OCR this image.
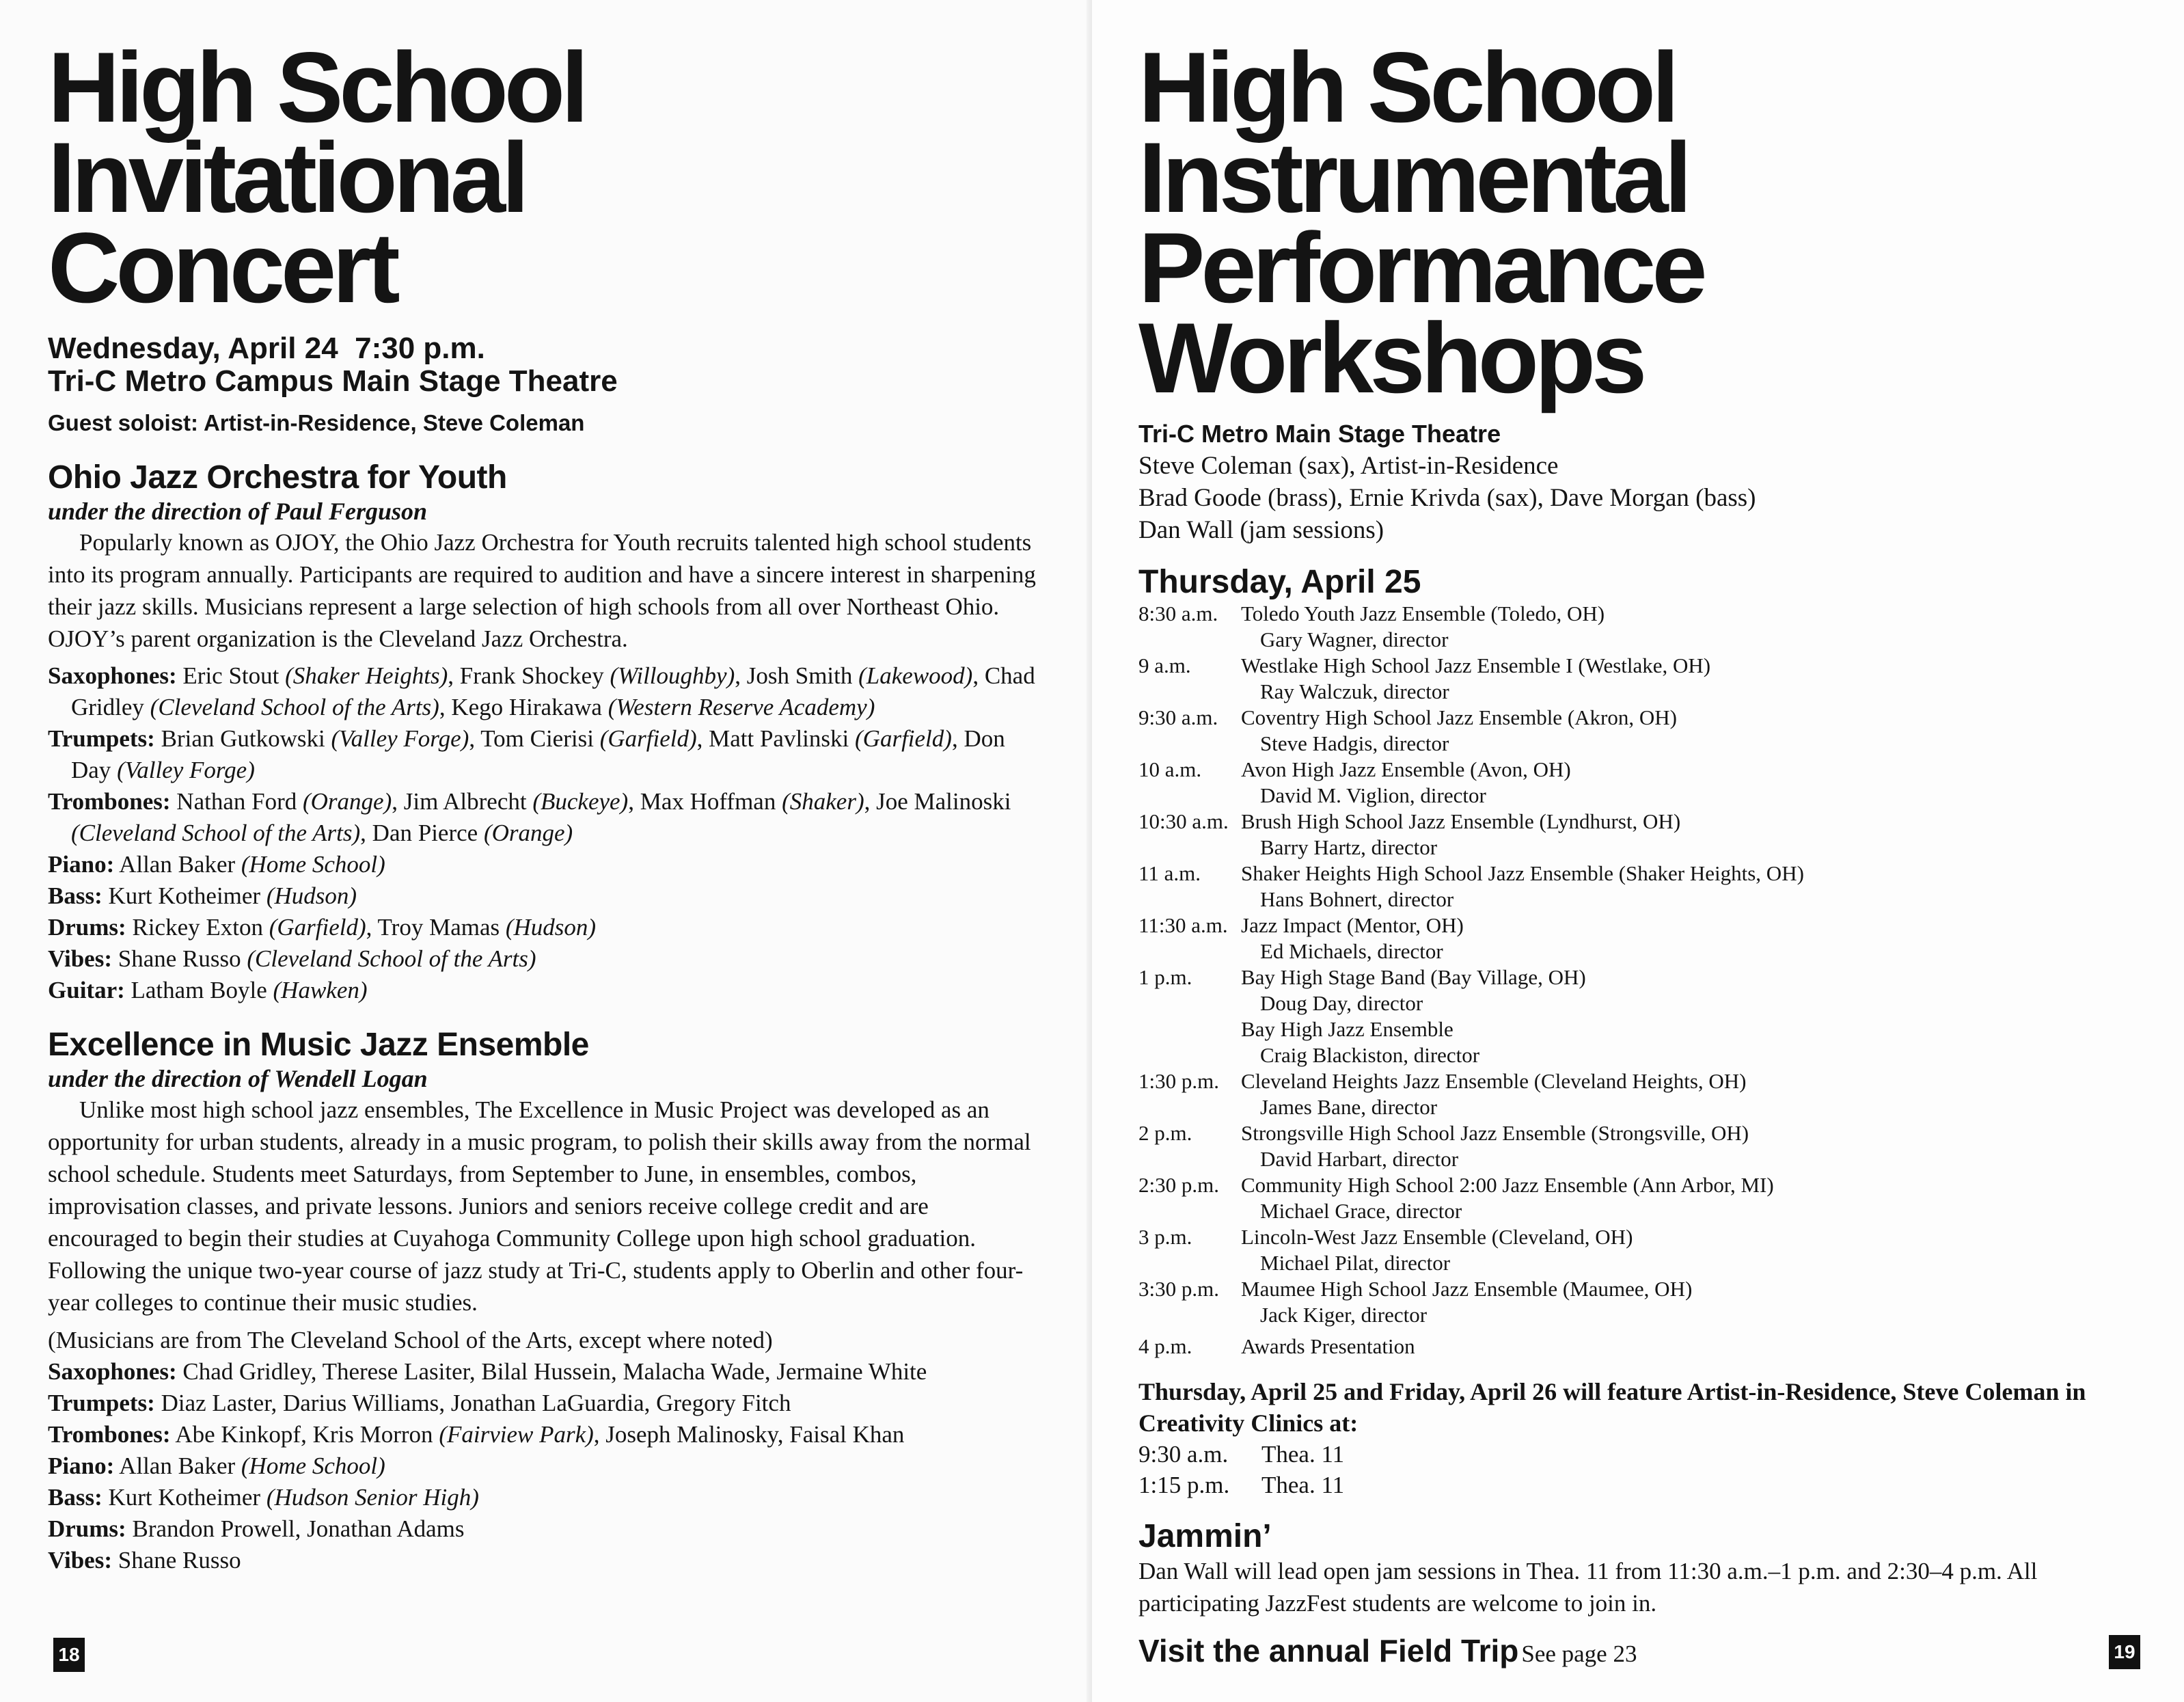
High School Invitational
Concert

Wednesday, April 24  7:30 p.m.

Tri-C Metro Campus Main Stage Theatre

Guest soloist: Artist-in-Residence, Steve Coleman

Ohio Jazz Orchestra for Youth

under the direction of Paul Ferguson

Popularly known as OJOY, the Ohio Jazz Orchestra for Youth recruits talented high school students into its program annually. Participants are required to audition and have a sincere interest in sharpening their jazz skills. Musicians represent a large selection of high schools from all over Northeast Ohio. OJOY’s parent organization is the Cleveland Jazz Orchestra.

Saxophones: Eric Stout (Shaker Heights), Frank Shockey (Willoughby), Josh Smith (Lakewood), Chad Gridley (Cleveland School of the Arts), Kego Hirakawa (Western Reserve Academy)
Trumpets: Brian Gutkowski (Valley Forge), Tom Cierisi (Garfield), Matt Pavlinski (Garfield), Don Day (Valley Forge)
Trombones: Nathan Ford (Orange), Jim Albrecht (Buckeye), Max Hoffman (Shaker), Joe Malinoski (Cleveland School of the Arts), Dan Pierce (Orange)
Piano: Allan Baker (Home School)
Bass: Kurt Kotheimer (Hudson)
Drums: Rickey Exton (Garfield), Troy Mamas (Hudson)
Vibes: Shane Russo (Cleveland School of the Arts)
Guitar: Latham Boyle (Hawken)
Excellence in Music Jazz Ensemble

under the direction of Wendell Logan

Unlike most high school jazz ensembles, The Excellence in Music Project was developed as an opportunity for urban students, already in a music program, to polish their skills away from the normal school schedule. Students meet Saturdays, from September to June, in ensembles, combos, improvisation classes, and private lessons. Juniors and seniors receive college credit and are encouraged to begin their studies at Cuyahoga Community College upon high school graduation. Following the unique two-year course of jazz study at Tri-C, students apply to Oberlin and other four-year colleges to continue their music studies.

(Musicians are from The Cleveland School of the Arts, except where noted)

Saxophones: Chad Gridley, Therese Lasiter, Bilal Hussein, Malacha Wade, Jermaine White
Trumpets: Diaz Laster, Darius Williams, Jonathan LaGuardia, Gregory Fitch
Trombones: Abe Kinkopf, Kris Morron (Fairview Park), Joseph Malinosky, Faisal Khan
Piano: Allan Baker (Home School)
Bass: Kurt Kotheimer (Hudson Senior High)
Drums: Brandon Prowell, Jonathan Adams
Vibes: Shane Russo
18
High School
Instrumental
Performance
Workshops
Tri-C Metro Main Stage Theatre
Steve Coleman (sax), Artist-in-Residence
Brad Goode (brass), Ernie Krivda (sax), Dave Morgan (bass)
Dan Wall (jam sessions)
Thursday, April 25
8:30 a.m.	Toledo Youth Jazz Ensemble (Toledo, OH)
Gary Wagner, director
9 a.m.	Westlake High School Jazz Ensemble I (Westlake, OH)
Ray Walczuk, director
9:30 a.m.	Coventry High School Jazz Ensemble (Akron, OH)
Steve Hadgis, director
10 a.m.	Avon High Jazz Ensemble (Avon, OH)
David M. Viglion, director
10:30 a.m. Brush High School Jazz Ensemble (Lyndhurst, OH)
Barry Hartz, director
11 a.m.	Shaker Heights High School Jazz Ensemble (Shaker Heights, OH)
Hans Bohnert, director
11:30 a.m. Jazz Impact (Mentor, OH)
Ed Michaels, director
1 p.m.	Bay High Stage Band (Bay Village, OH)
Doug Day, director
Bay High Jazz Ensemble
Craig Blackiston, director
1:30 p.m.	Cleveland Heights Jazz Ensemble (Cleveland Heights, OH)
James Bane, director
2 p.m.	Strongsville High School Jazz Ensemble (Strongsville, OH)
David Harbart, director
2:30 p.m.	Community High School 2:00 Jazz Ensemble (Ann Arbor, MI)
Michael Grace, director
3 p.m.	Lincoln-West Jazz Ensemble (Cleveland, OH)
Michael Pilat, director
3:30 p.m.	Maumee High School Jazz Ensemble (Maumee, OH)
Jack Kiger, director
4 p.m.	Awards Presentation

Thursday, April 25 and Friday, April 26 will feature Artist-in-Residence, Steve Coleman in Creativity Clinics at:

9:30 a.m.	Thea. 11
1:15 p.m.	Thea. 11
Jammin’

Dan Wall will lead open jam sessions in Thea. 11 from 11:30 a.m.–1 p.m. and 2:30–4 p.m. All participating JazzFest students are welcome to join in.

Visit the annual Field Trip See page 23	19
